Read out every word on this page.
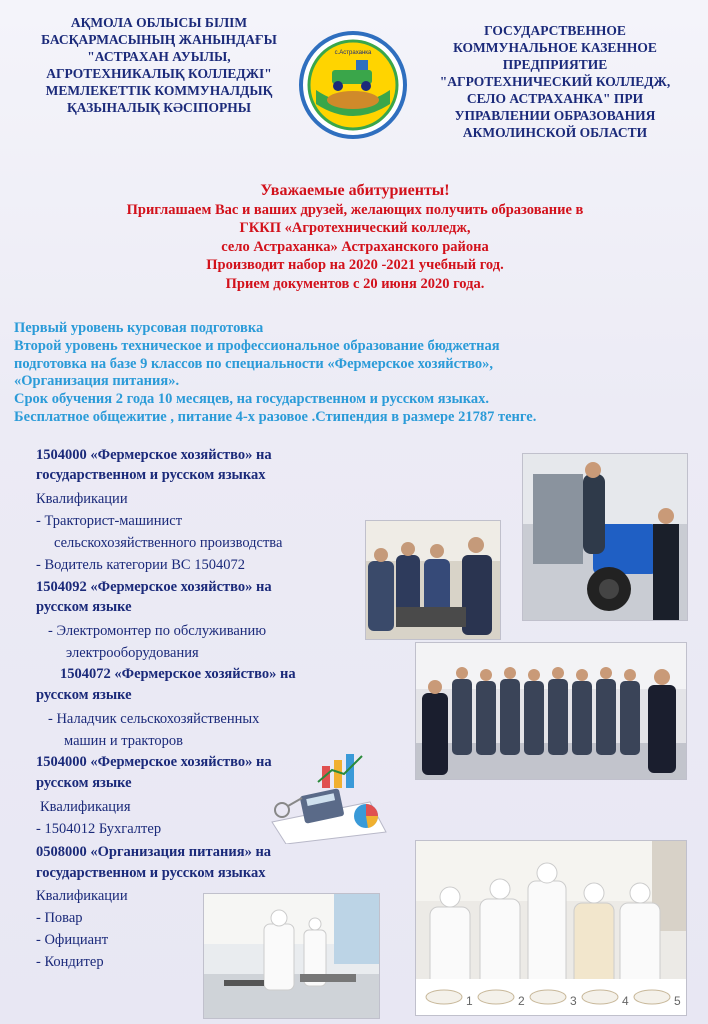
АҚМОЛА ОБЛЫСЫ БІЛІМ
БАСҚАРМАСЫНЫҢ ЖАНЫНДАҒЫ
"АСТРАХАН АУЫЛЫ,
АГРОТЕХНИКАЛЫҚ КОЛЛЕДЖІ"
МЕМЛЕКЕТТІК КОММУНАЛДЫҚ
ҚАЗЫНАЛЫҚ КӘСІПОРНЫ
с.Астраханка
ГОСУДАРСТВЕННОЕ
КОММУНАЛЬНОЕ КАЗЕННОЕ
ПРЕДПРИЯТИЕ
"АГРОТЕХНИЧЕСКИЙ КОЛЛЕДЖ,
СЕЛО АСТРАХАНКА" ПРИ
УПРАВЛЕНИИ ОБРАЗОВАНИЯ
АКМОЛИНСКОЙ ОБЛАСТИ
Уважаемые абитуриенты!
Приглашаем Вас и ваших друзей, желающих получить образование в
ГККП «Агротехнический колледж,
село Астраханка» Астраханского района
Производит набор на 2020 -2021 учебный год.
Прием документов с 20 июня 2020 года.
Первый уровень курсовая подготовка
Второй уровень техническое и профессиональное образование бюджетная
подготовка на базе 9 классов по специальности «Фермерское хозяйство»,
«Организация питания».
Срок обучения 2 года 10 месяцев, на государственном и русском языках.
Бесплатное общежитие , питание 4-х разовое .Стипендия в размере 21787 тенге.
1504000 «Фермерское хозяйство» на
государственном и русском языках
Квалификации
- Тракторист-машинист
сельскохозяйственного производства
- Водитель категории ВС 1504072
1504092 «Фермерское хозяйство» на
русском языке
- Электромонтер по обслуживанию
электрооборудования
1504072 «Фермерское хозяйство» на
русском языке
- Наладчик сельскохозяйственных
машин и тракторов
1504000 «Фермерское хозяйство» на
русском языке
Квалификация
- 1504012 Бухгалтер
0508000 «Организация питания» на
государственном и русском языках
Квалификации
- Повар
- Официант
- Кондитер
1	2	3	4	5
